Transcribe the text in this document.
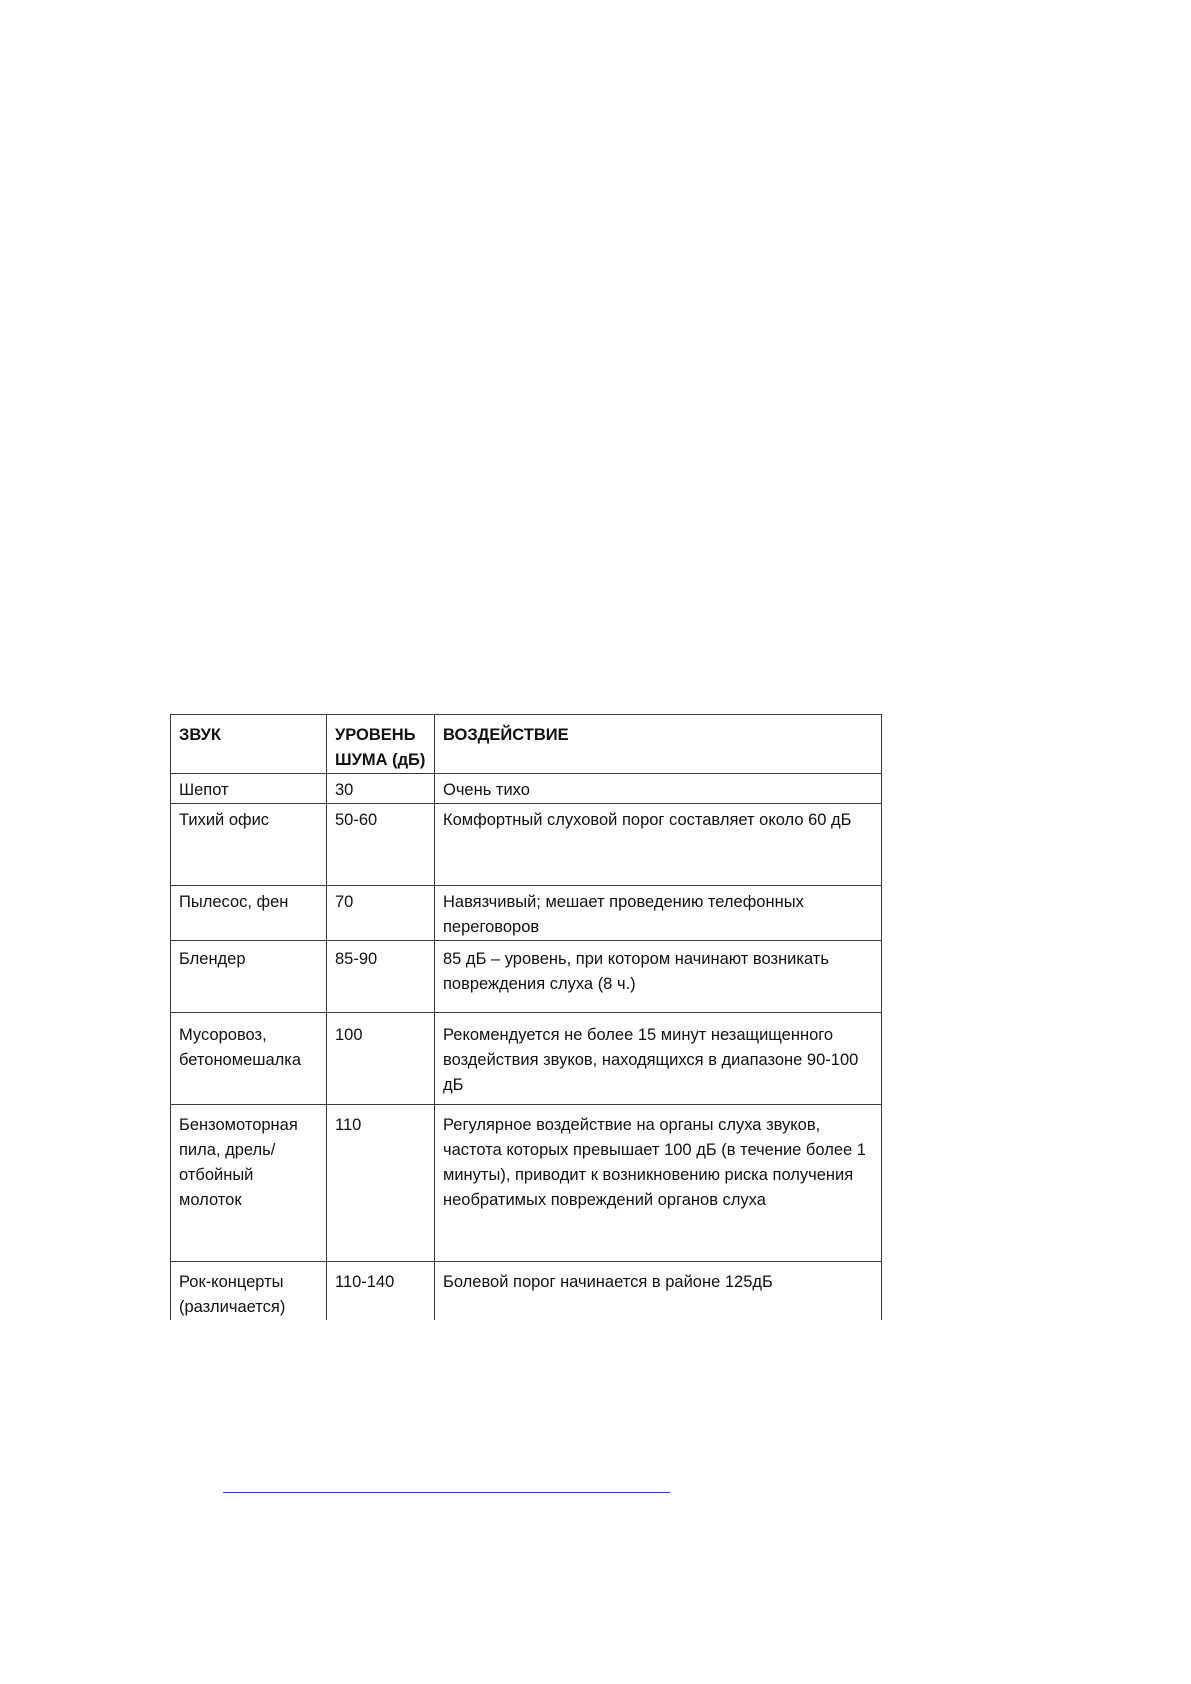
ЗВУК	УРОВЕНЬ ШУМА (дБ)	ВОЗДЕЙСТВИЕ
Шепот	30	Очень тихо
Тихий офис	50-60	Комфортный слуховой порог составляет около 60 дБ
Пылесос, фен	70	Навязчивый; мешает проведению телефонных переговоров
Блендер	85-90	85 дБ – уровень, при котором начинают возникать повреждения слуха (8 ч.)
Мусоровоз, бетономешалка	100	Рекомендуется не более 15 минут незащищенного воздействия звуков, находящихся в диапазоне 90-100 дБ
Бензомоторная пила, дрель/отбойный молоток	110	Регулярное воздействие на органы слуха звуков, частота которых превышает 100 дБ (в течение более 1 минуты), приводит к возникновению риска получения необратимых повреждений органов слуха
Рок-концерты (различается)	110-140	Болевой порог начинается в районе 125дБ
